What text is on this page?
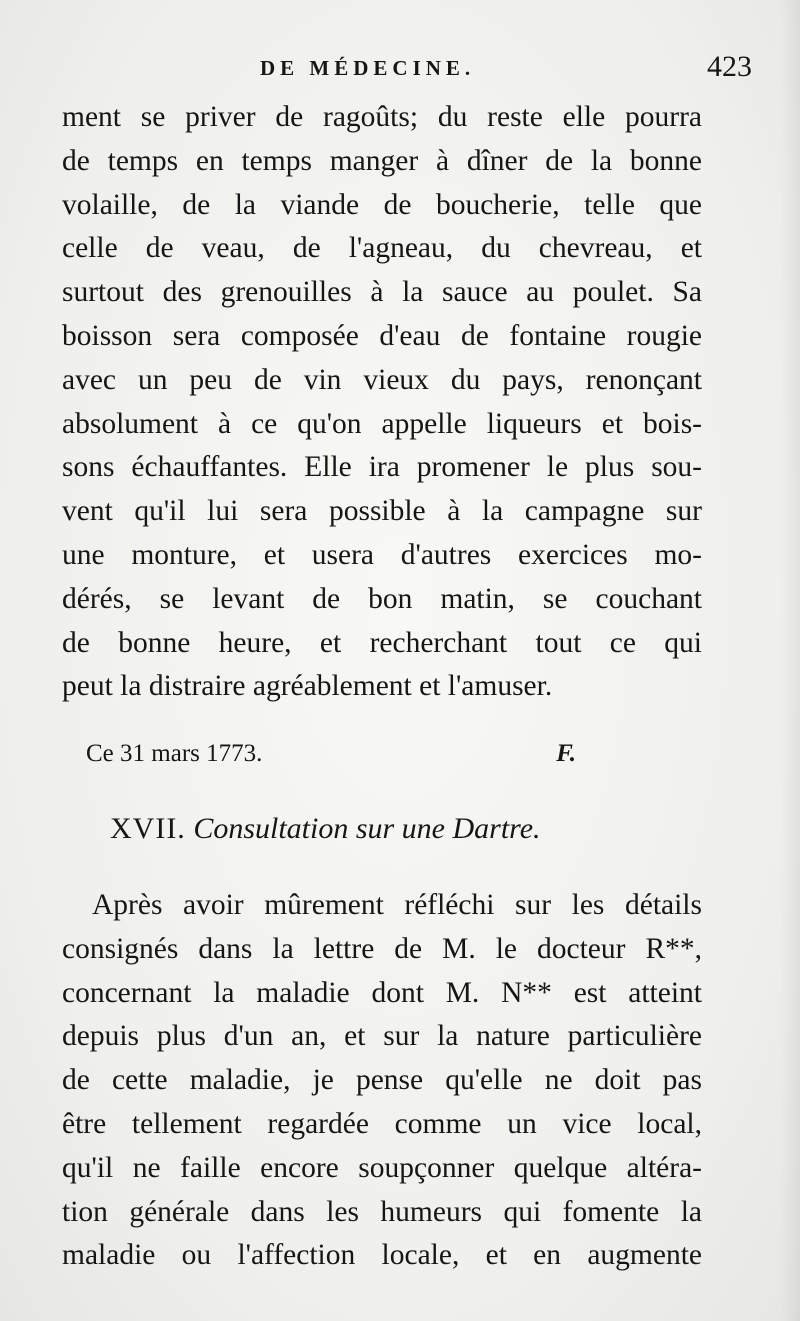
DE MÉDECINE.	423
ment se priver de ragoûts; du reste elle pourra
de temps en temps manger à dîner de la bonne
volaille, de la viande de boucherie, telle que
celle de veau, de l'agneau, du chevreau, et
surtout des grenouilles à la sauce au poulet. Sa
boisson sera composée d'eau de fontaine rougie
avec un peu de vin vieux du pays, renonçant
absolument à ce qu'on appelle liqueurs et bois-
sons échauffantes. Elle ira promener le plus sou-
vent qu'il lui sera possible à la campagne sur
une monture, et usera d'autres exercices mo-
dérés, se levant de bon matin, se couchant
de bonne heure, et recherchant tout ce qui
peut la distraire agréablement et l'amuser.
Ce 31 mars 1773.	F.
XVII. Consultation sur une Dartre.
Après avoir mûrement réfléchi sur les détails
consignés dans la lettre de M. le docteur R**,
concernant la maladie dont M. N** est atteint
depuis plus d'un an, et sur la nature particulière
de cette maladie, je pense qu'elle ne doit pas
être tellement regardée comme un vice local,
qu'il ne faille encore soupçonner quelque altéra-
tion générale dans les humeurs qui fomente la
maladie ou l'affection locale, et en augmente
